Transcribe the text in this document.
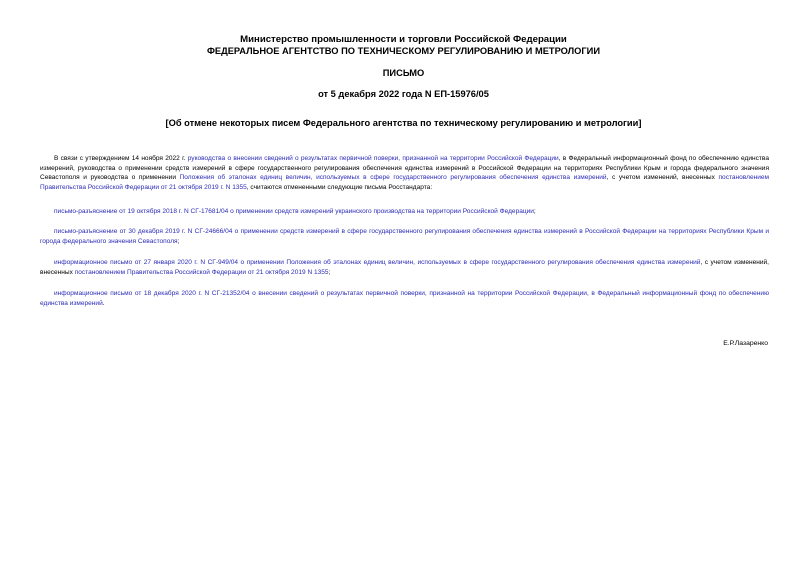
Министерство промышленности и торговли Российской Федерации
ФЕДЕРАЛЬНОЕ АГЕНТСТВО ПО ТЕХНИЧЕСКОМУ РЕГУЛИРОВАНИЮ И МЕТРОЛОГИИ
ПИСЬМО
от 5 декабря 2022 года N ЕП-15976/05
[Об отмене некоторых писем Федерального агентства по техническому регулированию и метрологии]

В связи с утверждением 14 ноября 2022 г. руководства о внесении сведений о результатах первичной поверки, признанной на территории Российской Федерации, в Федеральный информационный фонд по обеспечению единства измерений, руководства о применении средств измерений в сфере государственного регулирования обеспечения единства измерений в Российской Федерации на территориях Республики Крым и города федерального значения Севастополя и руководства о применении Положения об эталонах единиц величин, используемых в сфере государственного регулирования обеспечения единства измерений, с учетом изменений, внесенных постановлением Правительства Российской Федерации от 21 октября 2019 г. N 1355, считаются отмененными следующие письма Росстандарта:

письмо-разъяснение от 19 октября 2018 г. N СГ-17681/04 о применении средств измерений украинского производства на территории Российской Федерации;

письмо-разъяснение от 30 декабря 2019 г. N СГ-24666/04 о применении средств измерений в сфере государственного регулирования обеспечения единства измерений в Российской Федерации на территориях Республики Крым и города федерального значения Севастополя;

информационное письмо от 27 января 2020 г. N СГ-949/04 о применении Положения об эталонах единиц величин, используемых в сфере государственного регулирования обеспечения единства измерений, с учетом изменений, внесенных постановлением Правительства Российской Федерации от 21 октября 2019 N 1355;

информационное письмо от 18 декабря 2020 г. N СГ-21352/04 о внесении сведений о результатах первичной поверки, признанной на территории Российской Федерации, в Федеральный информационный фонд по обеспечению единства измерений.

Е.Р.Лазаренко
